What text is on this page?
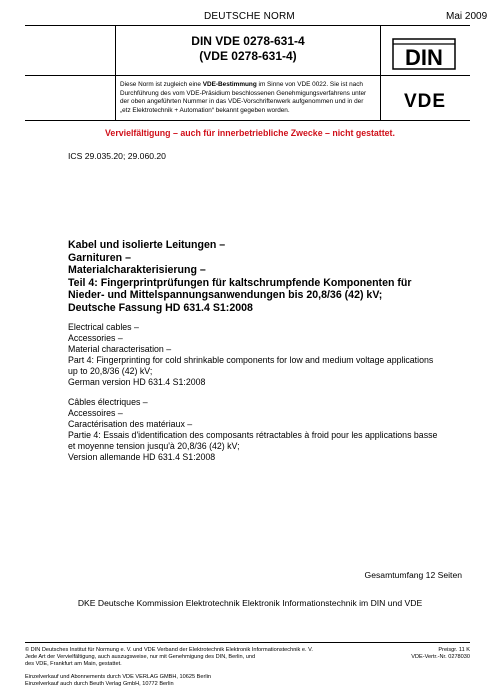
DEUTSCHE NORM	Mai 2009
DIN VDE 0278-631-4
(VDE 0278-631-4)	DIN
VDE
Diese Norm ist zugleich eine VDE-Bestimmung im Sinne von VDE 0022. Sie ist nach
Durchführung des vom VDE-Präsidium beschlossenen Genehmigungsverfahrens unter
der oben angeführten Nummer in das VDE-Vorschriftenwerk aufgenommen und in der
„etz Elektrotechnik + Automation“ bekannt gegeben worden.
Vervielfältigung – auch für innerbetriebliche Zwecke – nicht gestattet.
ICS 29.035.20; 29.060.20
Kabel und isolierte Leitungen –
Garnituren –
Materialcharakterisierung –
Teil 4: Fingerprintprüfungen für kaltschrumpfende Komponenten für
Nieder- und Mittelspannungsanwendungen bis 20,8/36 (42) kV;
Deutsche Fassung HD 631.4 S1:2008
Electrical cables –
Accessories –
Material characterisation –
Part 4: Fingerprinting for cold shrinkable components for low and medium voltage applications
up to 20,8/36 (42) kV;
German version HD 631.4 S1:2008
Câbles électriques –
Accessoires –
Caractérisation des matériaux –
Partie 4: Essais d'identification des composants rétractables à froid pour les applications basse
et moyenne tension jusqu'à 20,8/36 (42) kV;
Version allemande HD 631.4 S1:2008
Gesamtumfang 12 Seiten
DKE Deutsche Kommission Elektrotechnik Elektronik Informationstechnik im DIN und VDE
© DIN Deutsches Institut für Normung e. V. und VDE Verband der Elektrotechnik Elektronik Informationstechnik e. V.
Jede Art der Vervielfältigung, auch auszugsweise, nur mit Genehmigung des DIN, Berlin, und
des VDE, Frankfurt am Main, gestattet.
Preisgr. 11 K
VDE-Vertr.-Nr. 0278030
Einzelverkauf und Abonnements durch VDE VERLAG GMBH, 10625 Berlin
Einzelverkauf auch durch Beuth Verlag GmbH, 10772 Berlin
